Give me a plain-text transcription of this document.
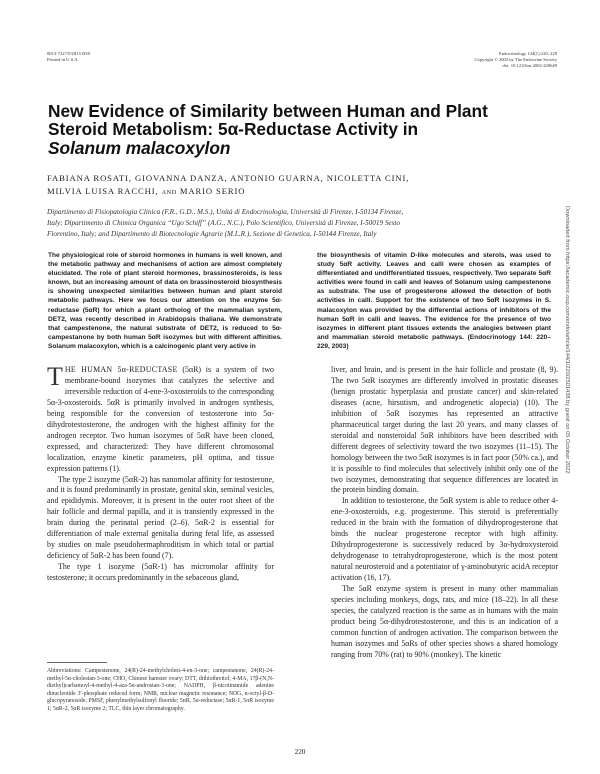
0013-7227/03/$15.00/0
Printed in U.S.A.
Endocrinology 144(1):220–229
Copyright © 2003 by The Endocrine Society
doi: 10.1210/en.2002-220649
New Evidence of Similarity between Human and Plant
Steroid Metabolism: 5α-Reductase Activity in
Solanum malacoxylon
FABIANA ROSATI, GIOVANNA DANZA, ANTONIO GUARNA, NICOLETTA CINI,
MILVIA LUISA RACCHI, AND MARIO SERIO
Dipartimento di Fisiopatologia Clinica (F.R., G.D., M.S.), Unità di Endocrinologia, Università di Firenze, I-50134 Firenze,
Italy; Dipartimento di Chimica Organica “Ugo Schiff” (A.G., N.C.), Polo Scientifico, Università di Firenze, I-50019 Sesto
Fiorentino, Italy; and Dipartimento di Biotecnologie Agrarie (M.L.R.), Sezione di Genetica, I-50144 Firenze, Italy

The physiological role of steroid hormones in humans is well known, and the metabolic pathway and mechanisms of action are almost completely elucidated. The role of plant steroid hormones, brassinosteroids, is less known, but an increasing amount of data on brassinosteroid biosynthesis is showing unexpected similarities between human and plant steroid metabolic pathways. Here we focus our attention on the enzyme 5α-reductase (5αR) for which a plant ortholog of the mammalian system, DET2, was recently described in Arabidopsis thaliana. We demonstrate that campestenone, the natural substrate of DET2, is reduced to 5α-campestanone by both human 5αR isozymes but with different affinities. Solanum malacoxylon, which is a calcinogenic plant very active in

the biosynthesis of vitamin D-like molecules and sterols, was used to study 5αR activity. Leaves and calli were chosen as examples of differentiated and undifferentiated tissues, respectively. Two separate 5αR activities were found in calli and leaves of Solanum using campestenone as substrate. The use of progesterone allowed the detection of both activities in calli. Support for the existence of two 5αR isozymes in S. malacoxylon was provided by the differential actions of inhibitors of the human 5αR in calli and leaves. The evidence for the presence of two isozymes in different plant tissues extends the analogies between plant and mammalian steroid metabolic pathways. (Endocrinology 144: 220–229, 2003)

THE HUMAN 5α-REDUCTASE (5αR) is a system of two membrane-bound isozymes that catalyzes the selective and irreversible reduction of 4-ene-3-oxosteroids to the corresponding 5α-3-oxosteroids. 5αR is primarily involved in androgen synthesis, being responsible for the conversion of testosterone into 5α-dihydrotestosterone, the androgen with the highest affinity for the androgen receptor. Two human isozymes of 5αR have been cloned, expressed, and characterized: They have different chromosomal localization, enzyme kinetic parameters, pH optima, and tissue expression patterns (1).

The type 2 isozyme (5αR-2) has nanomolar affinity for testosterone, and it is found predominantly in prostate, genital skin, seminal vesicles, and epididymis. Moreover, it is present in the outer root sheet of the hair follicle and dermal papilla, and it is transiently expressed in the brain during the perinatal period (2–6). 5αR-2 is essential for differentiation of male external genitalia during fetal life, as assessed by studies on male pseudohermaphroditism in which total or partial deficiency of 5αR-2 has been found (7).

The type 1 isozyme (5αR-1) has micromolar affinity for testosterone; it occurs predominantly in the sebaceous gland,

Abbreviations: Campestenone, 24(R)-24-methylcholest-4-en-3-one; campestanone, 24(R)-24-methyl-5α-cholestan-3-one; CHO, Chinese hamster ovary; DTT, dithiothreitol; 4-MA, 17β-(N,N-diethyl)carbamoyl-4-methyl-4-aza-5α-androstan-3-one; NADPH, β-nicotinamide adenine dinucleotide 3′-phosphate reduced form; NMR, nuclear magnetic resonance; NOG, n-octyl-β-D-glucopyranoside; PMSF, phenylmethylsulfonyl fluoride; 5αR, 5α-reductase; 5αR-1, 5αR isozyme 1; 5αR-2, 5αR isozyme 2; TLC, thin layer chromatography.

liver, and brain, and is present in the hair follicle and prostate (8, 9). The two 5αR isozymes are differently involved in prostatic diseases (benign prostatic hyperplasia and prostate cancer) and skin-related diseases (acne, hirsutism, and androgenetic alopecia) (10). The inhibition of 5αR isozymes has represented an attractive pharmaceutical target during the last 20 years, and many classes of steroidal and nonsteroidal 5αR inhibitors have been described with different degrees of selectivity toward the two isozymes (11–15). The homology between the two 5αR isozymes is in fact poor (50% ca.), and it is possible to find molecules that selectively inhibit only one of the two isozymes, demonstrating that sequence differences are located in the protein binding domain.

In addition to testosterone, the 5αR system is able to reduce other 4-ene-3-oxosteroids, e.g. progesterone. This steroid is preferentially reduced in the brain with the formation of dihydroprogesterone that binds the nuclear progesterone receptor with high affinity. Dihydroprogesterone is successively reduced by 3α-hydroxysteroid dehydrogenase to tetrahydroprogesterone, which is the most potent natural neurosteroid and a potentiator of γ-aminobutyric acidA receptor activation (16, 17).

The 5αR enzyme system is present in many other mammalian species including monkeys, dogs, rats, and mice (18–22). In all these species, the catalyzed reaction is the same as in humans with the main product being 5α-dihydrotestosterone, and this is an indication of a common function of androgen activation. The comparison between the human isozymes and 5αRs of other species shows a shared homology ranging from 70% (rat) to 90% (monkey). The kinetic

220
Downloaded from https://academic.oup.com/endo/article/144/1/220/2501438 by guest on 05 October 2022
